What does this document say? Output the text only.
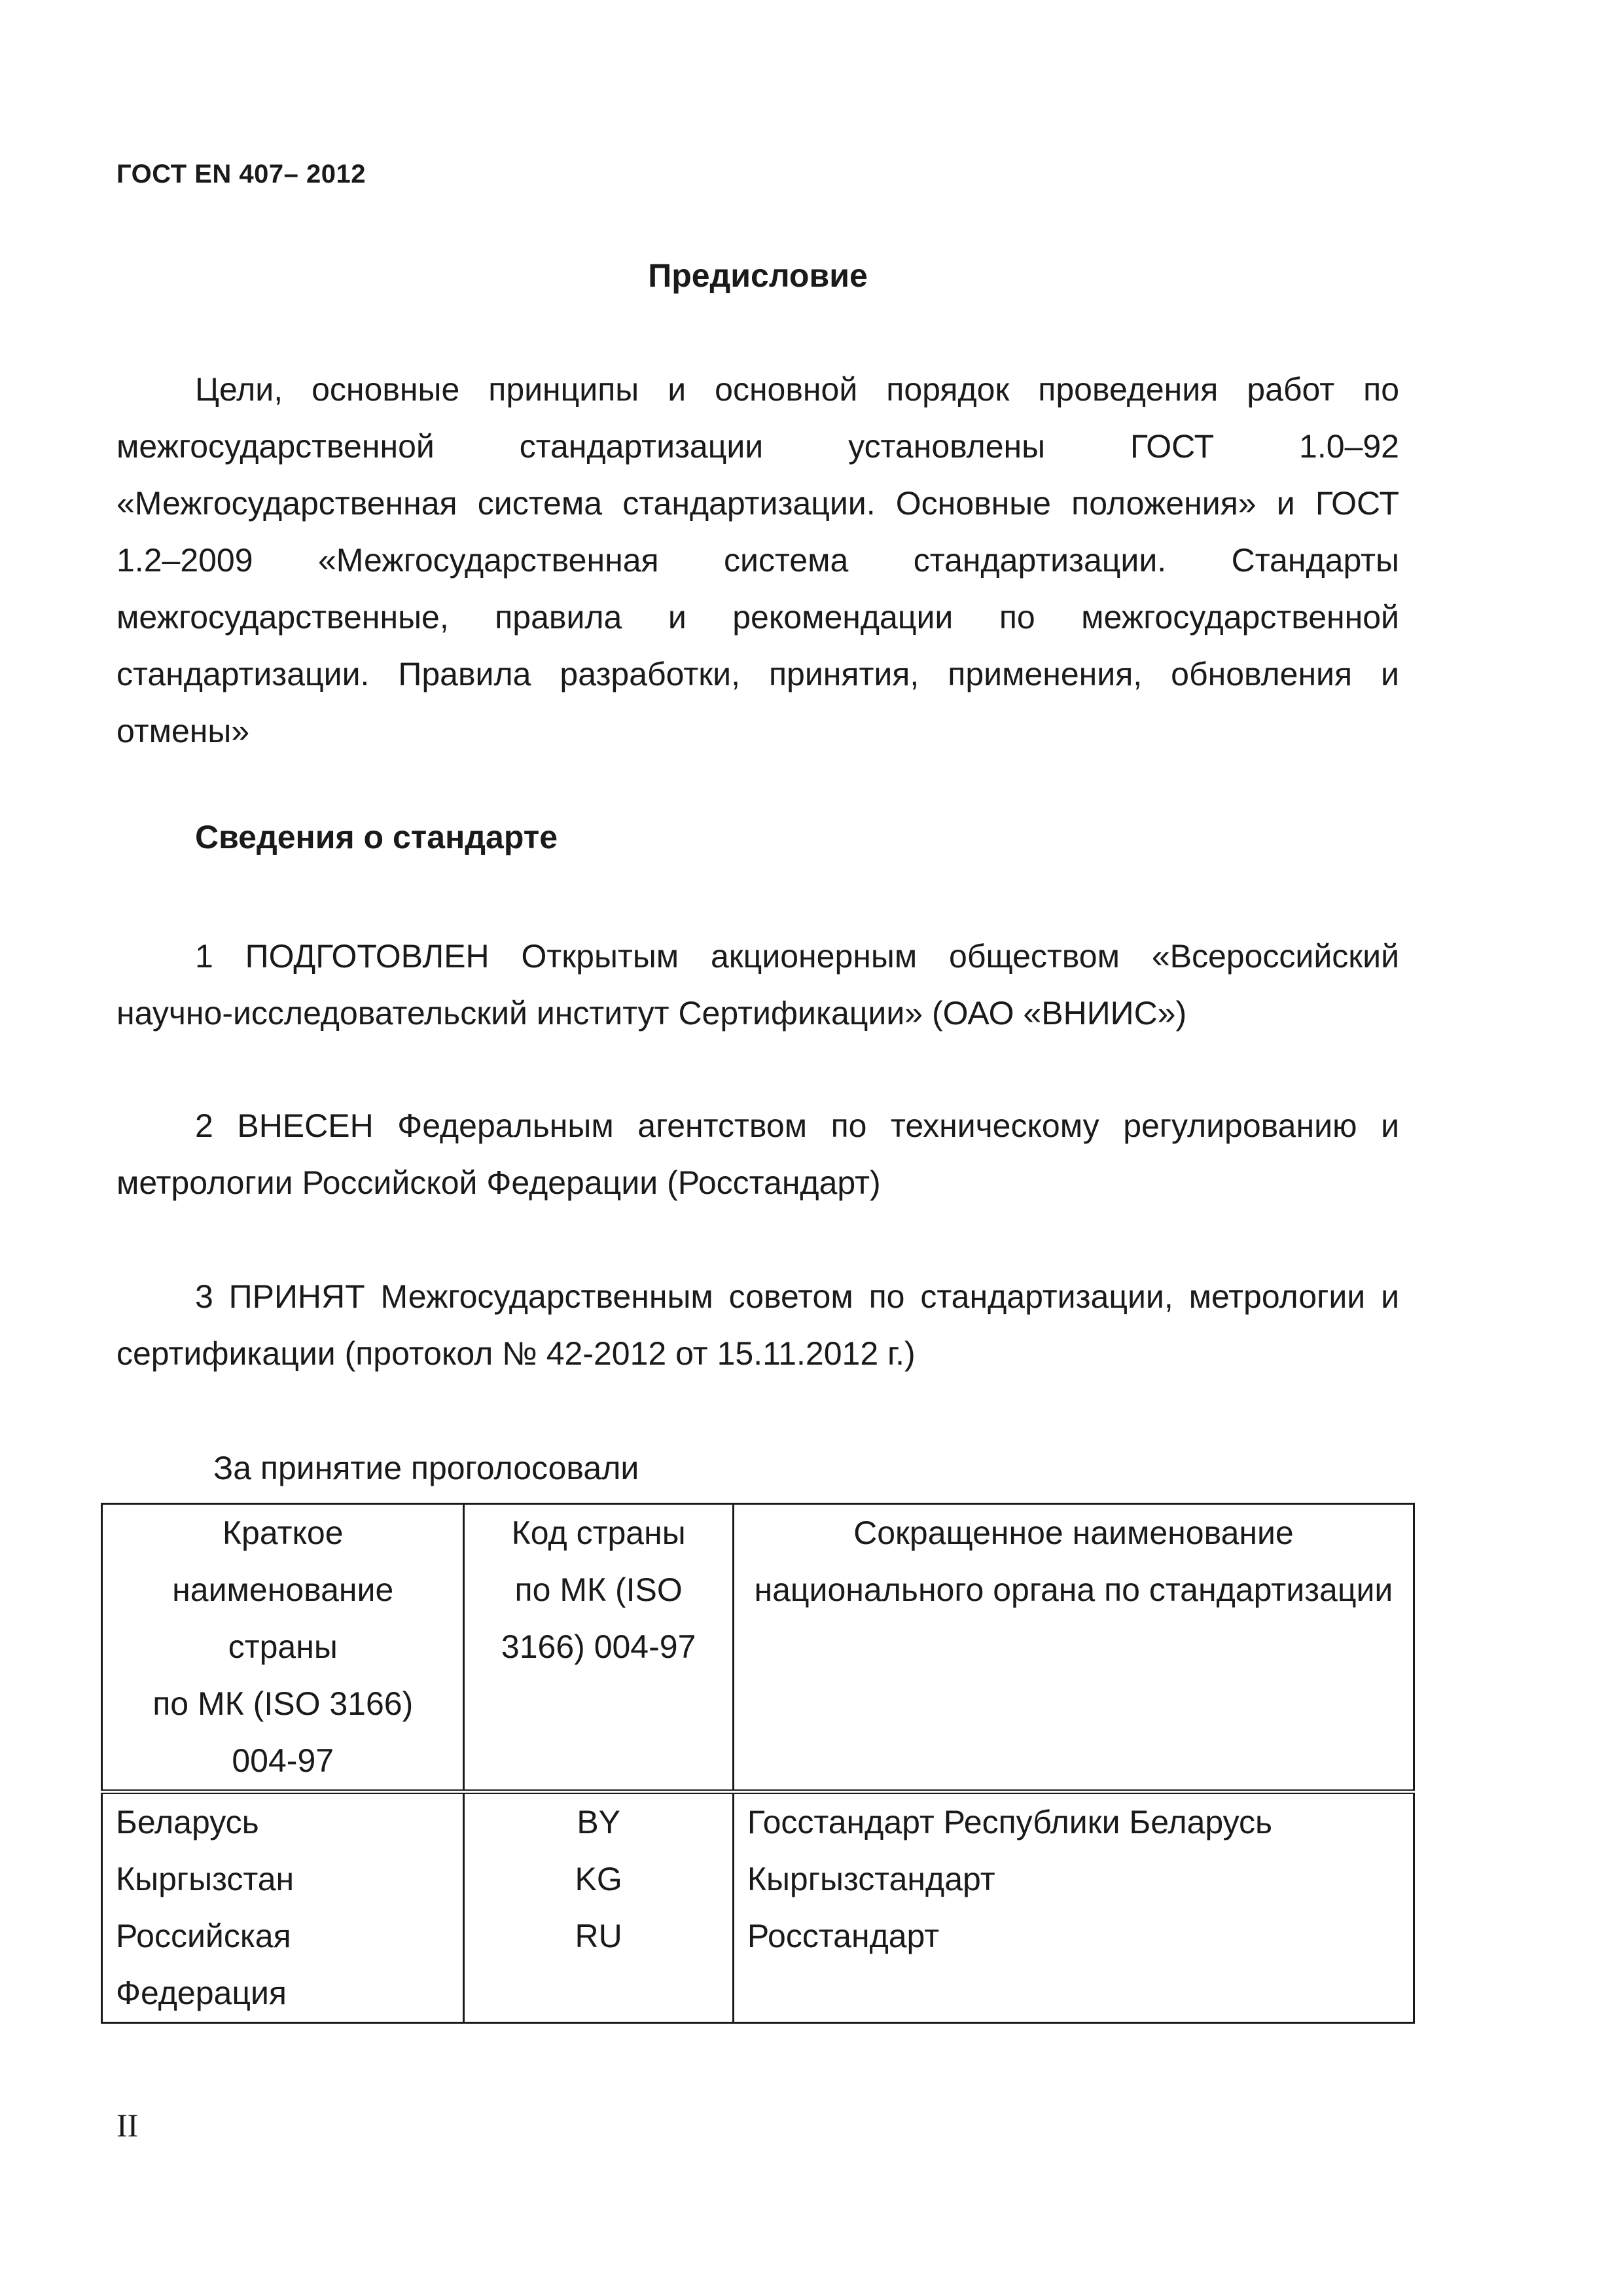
ГОСТ EN 407– 2012
Предисловие

Цели, основные принципы и основной порядок проведения работ по межгосударственной стандартизации установлены ГОСТ 1.0–92 «Межгосударственная система стандартизации. Основные положения» и ГОСТ 1.2–2009 «Межгосударственная система стандартизации. Стандарты межгосударственные, правила и рекомендации по межгосударственной стандартизации. Правила разработки, принятия, применения, обновления и отмены»

Сведения о стандарте

1 ПОДГОТОВЛЕН Открытым акционерным обществом «Всероссийский научно-исследовательский институт Сертификации» (ОАО «ВНИИС»)

2 ВНЕСЕН Федеральным агентством по техническому регулированию и метрологии Российской Федерации (Росстандарт)

3 ПРИНЯТ Межгосударственным советом по стандартизации, метрологии и сертификации (протокол № 42-2012 от 15.11.2012 г.)

За принятие проголосовали
Краткое
наименование
страны
по МК (ISO 3166)
004-97	Код страны
по МК (ISO
3166) 004-97	Сокращенное наименование
национального органа по стандартизации

Беларусь
Кыргызстан
Российская
Федерация	BY
KG
RU	Госстандарт Республики Беларусь
Кыргызстандарт
Росстандарт
II
